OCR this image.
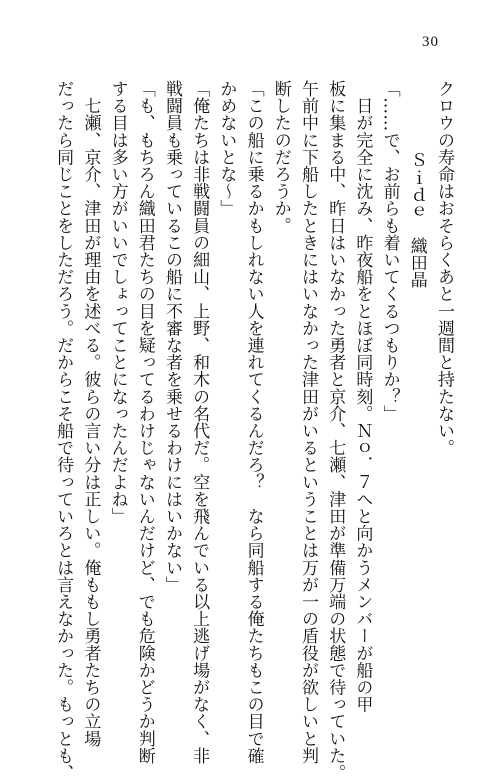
30
クロウの寿命はおそらくあと一週間と持たない。
Ｓｉｄｅ　織田晶
「……で、お前らも着いてくるつもりか？」
　日が完全に沈み、昨夜船をとほぼ同時刻。Ｎｏ．７へと向かうメンバーが船の甲
板に集まる中、昨日はいなかった勇者と京介、七瀬、津田が準備万端の状態で待っていた。
午前中に下船したときにはいなかった津田がいるということは万が一の盾役が欲しいと判
断したのだろうか。
「この船に乗るかもしれない人を連れてくるんだろ？　なら同船する俺たちもこの目で確
かめないとな～」
「俺たちは非戦闘員の細山、上野、和木の名代だ。空を飛んでいる以上逃げ場がなく、非
戦闘員も乗っているこの船に不審な者を乗せるわけにはいかない」
「も、もちろん織田君たちの目を疑ってるわけじゃないんだけど、でも危険かどうか判断
する目は多い方がいいでしょってことになったんだよね」
　七瀬、京介、津田が理由を述べる。彼らの言い分は正しい。俺ももし勇者たちの立場
だったら同じことをしただろう。だからこそ船で待っていろとは言えなかった。もっとも、
